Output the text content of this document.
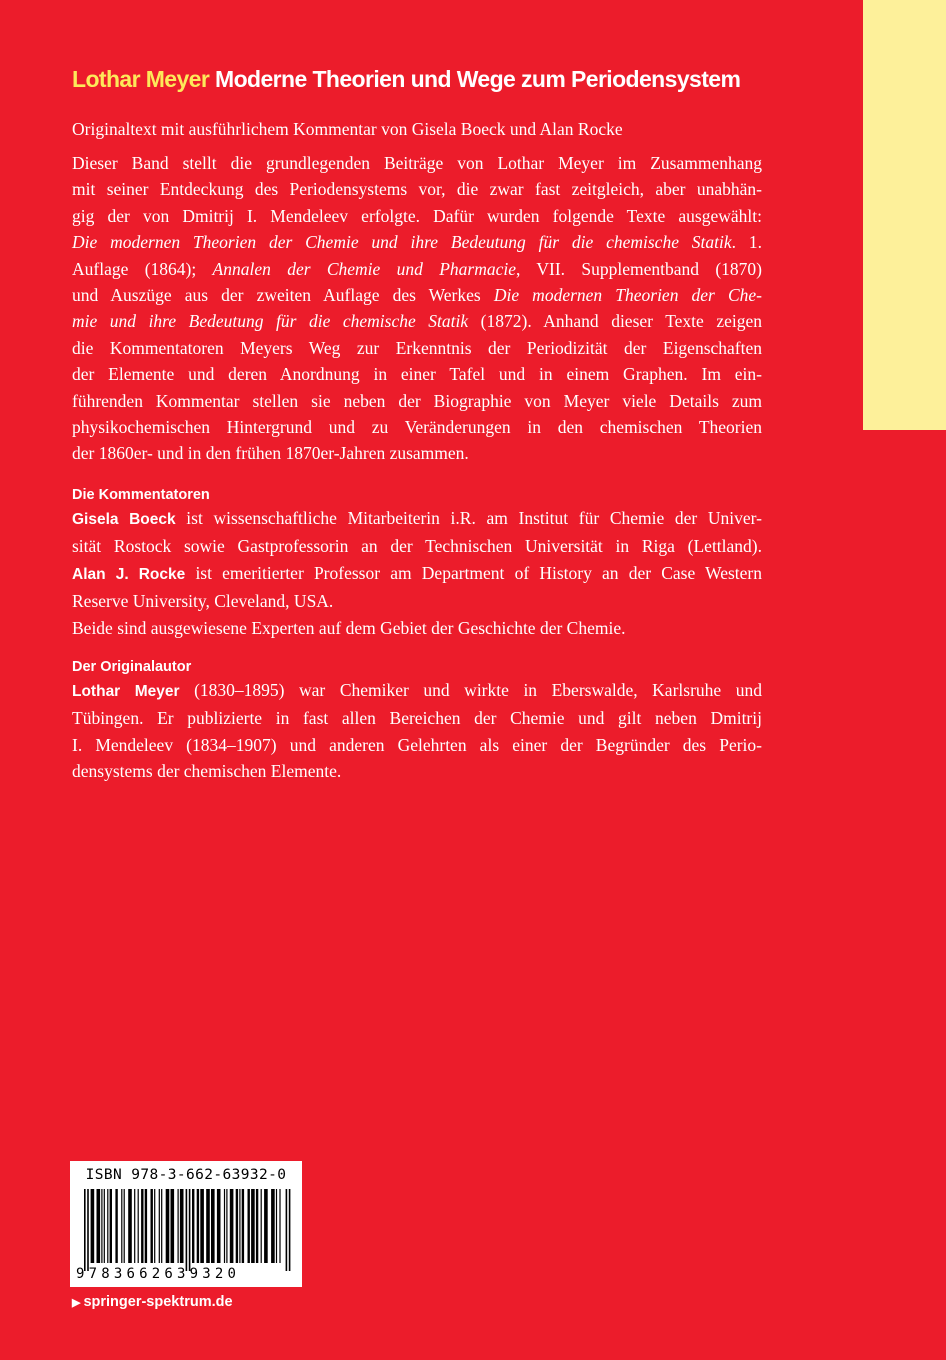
Lothar Meyer Moderne Theorien und Wege zum Periodensystem

Originaltext mit ausführlichem Kommentar von Gisela Boeck und Alan Rocke

Dieser Band stellt die grundlegenden Beiträge von Lothar Meyer im Zusammenhang
mit seiner Entdeckung des Periodensystems vor, die zwar fast zeitgleich, aber unabhän-
gig der von Dmitrij I. Mendeleev erfolgte. Dafür wurden folgende Texte ausgewählt:
Die modernen Theorien der Chemie und ihre Bedeutung für die chemische Statik. 1.
Auflage (1864); Annalen der Chemie und Pharmacie, VII. Supplementband (1870)
und Auszüge aus der zweiten Auflage des Werkes Die modernen Theorien der Che-
mie und ihre Bedeutung für die chemische Statik (1872). Anhand dieser Texte zeigen
die Kommentatoren Meyers Weg zur Erkenntnis der Periodizität der Eigenschaften
der Elemente und deren Anordnung in einer Tafel und in einem Graphen. Im ein-
führenden Kommentar stellen sie neben der Biographie von Meyer viele Details zum
physikochemischen Hintergrund und zu Veränderungen in den chemischen Theorien
der 1860er- und in den frühen 1870er-Jahren zusammen.
Die Kommentatoren
Gisela Boeck ist wissenschaftliche Mitarbeiterin i.R. am Institut für Chemie der Univer-
sität Rostock sowie Gastprofessorin an der Technischen Universität in Riga (Lettland).
Alan J. Rocke ist emeritierter Professor am Department of History an der Case Western
Reserve University, Cleveland, USA.
Beide sind ausgewiesene Experten auf dem Gebiet der Geschichte der Chemie.
Der Originalautor
Lothar Meyer (1830–1895) war Chemiker und wirkte in Eberswalde, Karlsruhe und
Tübingen. Er publizierte in fast allen Bereichen der Chemie und gilt neben Dmitrij
I. Mendeleev (1834–1907) und anderen Gelehrten als einer der Begründer des Perio-
densystems der chemischen Elemente.
ISBN 978-3-662-63932-0
9783662639320
▶ springer-spektrum.de
